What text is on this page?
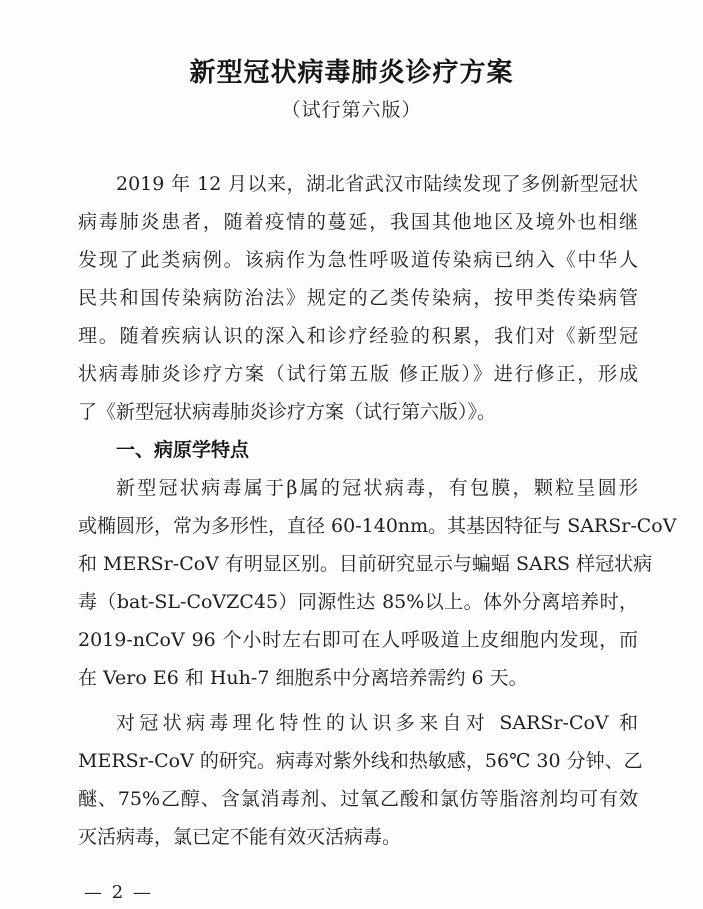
新型冠状病毒肺炎诊疗方案
（试行第六版）
2019 年 12 月以来，湖北省武汉市陆续发现了多例新型冠状
病毒肺炎患者，随着疫情的蔓延，我国其他地区及境外也相继
发现了此类病例。该病作为急性呼吸道传染病已纳入《中华人
民共和国传染病防治法》规定的乙类传染病，按甲类传染病管
理。随着疾病认识的深入和诊疗经验的积累，我们对《新型冠
状病毒肺炎诊疗方案（试行第五版 修正版）》进行修正，形成
了《新型冠状病毒肺炎诊疗方案（试行第六版）》。
一、病原学特点
新型冠状病毒属于β属的冠状病毒，有包膜，颗粒呈圆形
或椭圆形，常为多形性，直径 60-140nm。其基因特征与 SARSr-CoV
和 MERSr-CoV 有明显区别。目前研究显示与蝙蝠 SARS 样冠状病
毒（bat-SL-CoVZC45）同源性达 85%以上。体外分离培养时，
2019-nCoV 96 个小时左右即可在人呼吸道上皮细胞内发现，而
在 Vero E6 和 Huh-7 细胞系中分离培养需约 6 天。
对冠状病毒理化特性的认识多来自对 SARSr-CoV 和
MERSr-CoV 的研究。病毒对紫外线和热敏感，56℃ 30 分钟、乙
醚、75%乙醇、含氯消毒剂、过氧乙酸和氯仿等脂溶剂均可有效
灭活病毒，氯已定不能有效灭活病毒。
— 2 —
